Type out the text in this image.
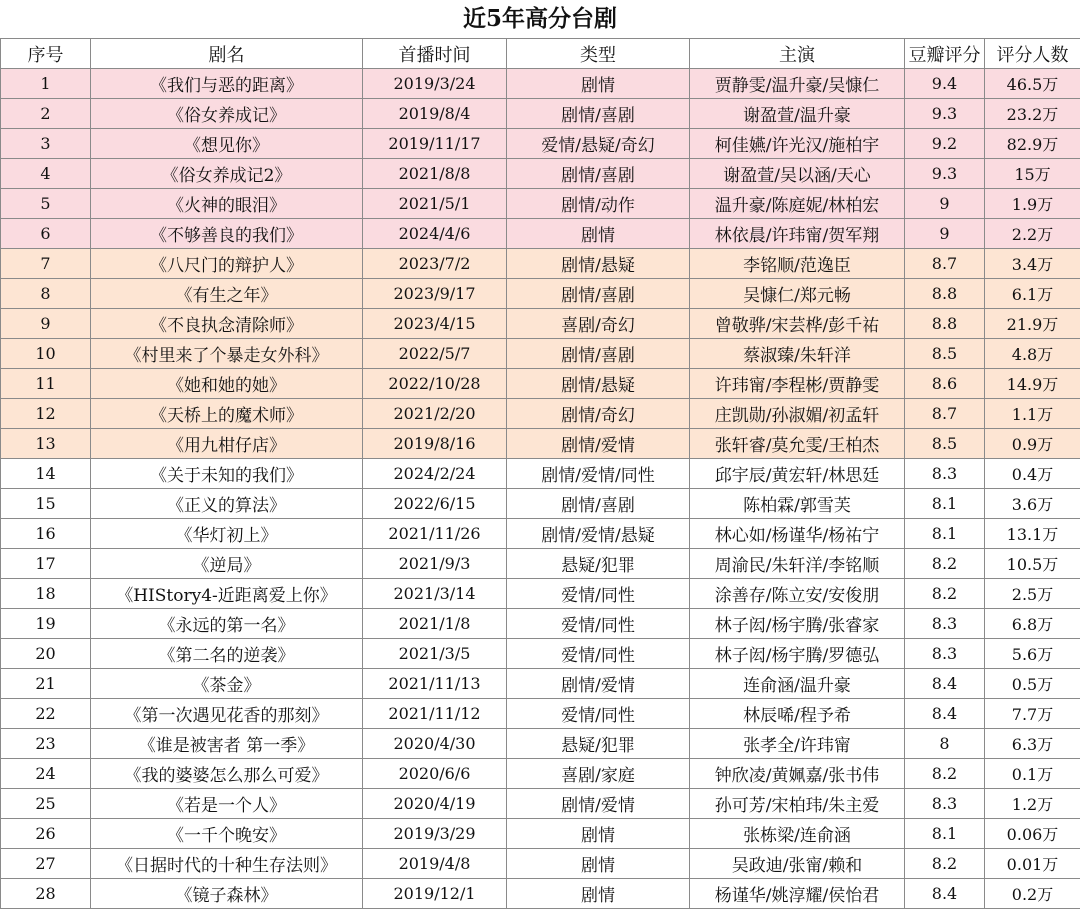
近5年高分台剧
序号	剧名	首播时间	类型	主演	豆瓣评分	评分人数
1	《我们与恶的距离》	2019/3/24	剧情	贾静雯/温升豪/吴慷仁	9.4	46.5万
2	《俗女养成记》	2019/8/4	剧情/喜剧	谢盈萱/温升豪	9.3	23.2万
3	《想见你》	2019/11/17	爱情/悬疑/奇幻	柯佳嬿/许光汉/施柏宇	9.2	82.9万
4	《俗女养成记2》	2021/8/8	剧情/喜剧	谢盈萱/吴以涵/天心	9.3	15万
5	《火神的眼泪》	2021/5/1	剧情/动作	温升豪/陈庭妮/林柏宏	9	1.9万
6	《不够善良的我们》	2024/4/6	剧情	林依晨/许玮甯/贺军翔	9	2.2万
7	《八尺门的辩护人》	2023/7/2	剧情/悬疑	李铭顺/范逸臣	8.7	3.4万
8	《有生之年》	2023/9/17	剧情/喜剧	吴慷仁/郑元畅	8.8	6.1万
9	《不良执念清除师》	2023/4/15	喜剧/奇幻	曾敬骅/宋芸桦/彭千祐	8.8	21.9万
10	《村里来了个暴走女外科》	2022/5/7	剧情/喜剧	蔡淑臻/朱轩洋	8.5	4.8万
11	《她和她的她》	2022/10/28	剧情/悬疑	许玮甯/李程彬/贾静雯	8.6	14.9万
12	《天桥上的魔术师》	2021/2/20	剧情/奇幻	庄凯勋/孙淑媚/初孟轩	8.7	1.1万
13	《用九柑仔店》	2019/8/16	剧情/爱情	张轩睿/莫允雯/王柏杰	8.5	0.9万
14	《关于未知的我们》	2024/2/24	剧情/爱情/同性	邱宇辰/黄宏轩/林思廷	8.3	0.4万
15	《正义的算法》	2022/6/15	剧情/喜剧	陈柏霖/郭雪芙	8.1	3.6万
16	《华灯初上》	2021/11/26	剧情/爱情/悬疑	林心如/杨谨华/杨祐宁	8.1	13.1万
17	《逆局》	2021/9/3	悬疑/犯罪	周渝民/朱轩洋/李铭顺	8.2	10.5万
18	《HIStory4-近距离爱上你》	2021/3/14	爱情/同性	涂善存/陈立安/安俊朋	8.2	2.5万
19	《永远的第一名》	2021/1/8	爱情/同性	林子闳/杨宇腾/张睿家	8.3	6.8万
20	《第二名的逆袭》	2021/3/5	爱情/同性	林子闳/杨宇腾/罗德弘	8.3	5.6万
21	《茶金》	2021/11/13	剧情/爱情	连俞涵/温升豪	8.4	0.5万
22	《第一次遇见花香的那刻》	2021/11/12	爱情/同性	林辰唏/程予希	8.4	7.7万
23	《谁是被害者 第一季》	2020/4/30	悬疑/犯罪	张孝全/许玮甯	8	6.3万
24	《我的婆婆怎么那么可爱》	2020/6/6	喜剧/家庭	钟欣凌/黄姵嘉/张书伟	8.2	0.1万
25	《若是一个人》	2020/4/19	剧情/爱情	孙可芳/宋柏玮/朱主爱	8.3	1.2万
26	《一千个晚安》	2019/3/29	剧情	张栋梁/连俞涵	8.1	0.06万
27	《日据时代的十种生存法则》	2019/4/8	剧情	吴政迪/张甯/赖和	8.2	0.01万
28	《镜子森林》	2019/12/1	剧情	杨谨华/姚淳耀/侯怡君	8.4	0.2万
